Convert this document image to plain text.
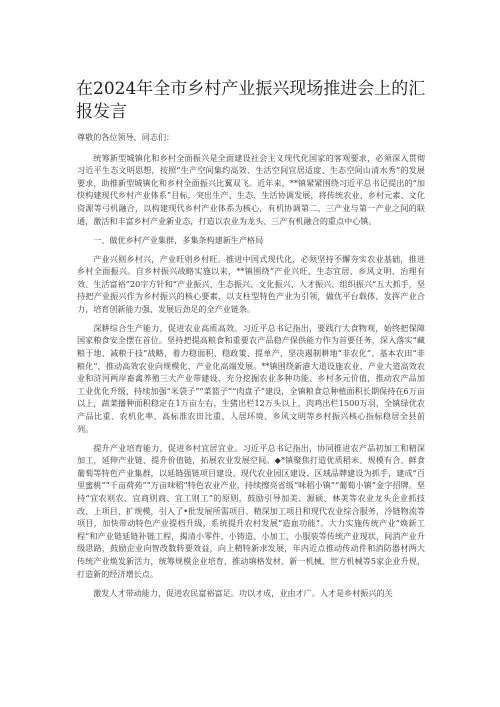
在2024年全市乡村产业振兴现场推进会上的汇报发言

尊敬的各位领导，同志们：

统筹新型城镇化和乡村全面振兴是全面建设社会主义现代化国家的客观要求，必须深入贯彻习近平生态文明思想，按照“生产空间集约高效、生活空间宜居适度、生态空间山清水秀”的发展要求，助推新型城镇化和乡村全面振兴比翼双飞。近年来，**镇紧紧围绕习近平总书记提出的“加快构建现代乡村产业体系”目标，突出生产、生态、生活协调发展，将传统农业、乡村元素、文化资源等弓机融合，以构建现代乡村产业体系为核心，有机协调第二、三产业与第一产业之间的联通，激活和丰富乡村产业新业态，打造以农业为龙头、三产有机融合的重点中心镇。

一、做优乡村产业集群，多集条构建新生产格局

产业兴则乡村兴，产业旺则乡村旺。推进中国式现代化，必须坚持不懈夯实农业基础，推进乡村全面振兴。自乡村振兴战略实施以来，**镇围绕“产业兴旺、生态宜居、乡风文明、治理有效、生活富裕”20字方针和“产业振兴、生态振兴、文化振兴、人才振兴、组织振兴”五大抓手，坚持把产业振兴作为乡村振兴的核心要素，以支柱型特色产业为引领，做优平台载体，发挥产业合力，培育创新能力强、发展后劲足的全产业链条。

深耕综合生产能力，促进农业高质高效。习近平总书记指出，要践行大食物观，始终把保障国家粮食安全摆在首位。坚持把提高粮食和重要农产品稳产保供能力作为首要任务，深入落实“藏粮于地、减粮于技”战略，着力稳面积、稳政策、提单产，坚决遏制耕地“非农化”、基本农田“非粮化”，推动高效农业向规模化、产业化高端发展。**镇围绕新港大道设施农业、产业大道高效农业和浒河两岸畜禽养殖三大产业带建设，充分挖掘农业多种功能、乡村多元价值，推动农产品加工业优化升级，持续加强“米袋子”“菜篮子”“肉盘子”建设，全镇粮食总种植面积长期保持在6万亩以上，蔬菜播种面积稳定在1万亩左右，生猪出栏12万头以上，肉鸡出栏1500万羽，全镇绿优农产品比重、农机化率、高标准农田比重、人居环境、乡风文明等乡村振兴核心指标稳居全县前列。

提升产业培育能力，促进乡村宜居宜业。习近平总书记指出，协同推进农产品初加工和精深加工，延伸产业链、提升价值链，拓展农业发展空间。◆*镇聚焦打造优质稻米、规模有合、鲜食葡萄等特色产业集群，以延链强链项目建设、现代农业园区建设、区域品牌建设为抓手，建成“百里蜜桃”“千亩荷苑”“万亩味稻”特色农业产业，持续擦亮省级“味稻小镇”“葡萄小镇”金字招牌。坚持“宜农则农、宜商则商、宜工则工”的原则，鼓励引导加美、源硕、林美等农业龙头企业抓技改、上项目、扩规模，引入了•批发展所需项目、精深加工项目和现代农业综合服务，冷链物流等项目，加快带动特色产业提档升级，系统提升农村发展“造血功能”。大力实施传统产业“焕新工程”和产业链延链补链工程，揭清小零件、小铸造、小加工、小服装等传统产业现状，间消产业升级思路，鼓励企业向智改数转要效益，向上精特新求发展，年内近点推动传动件和消防器材两大传统产业焕发新活力，统筹规模企业培育，推动填格发材、新一机械、世方机械等5家企业升规，打造新的经济增长点。

激发人才带动能力，促进农民富裕富足。功以才成，业由才广。人才是乡村振兴的关
